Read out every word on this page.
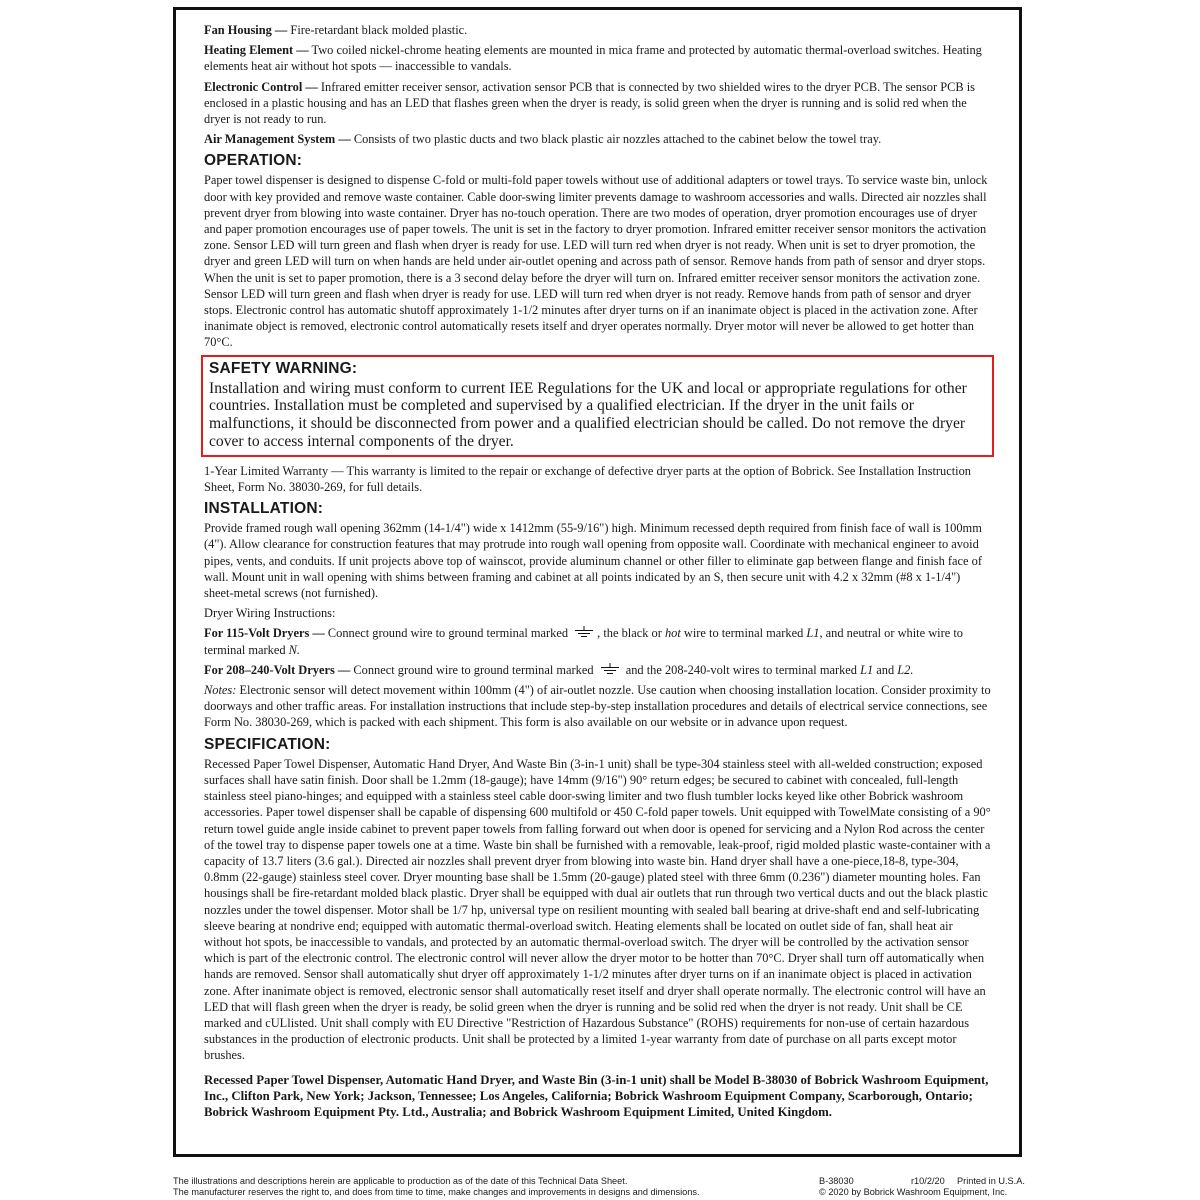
Fan Housing — Fire-retardant black molded plastic.

Heating Element — Two coiled nickel-chrome heating elements are mounted in mica frame and protected by automatic thermal-overload switches. Heating elements heat air without hot spots — inaccessible to vandals.

Electronic Control — Infrared emitter receiver sensor, activation sensor PCB that is connected by two shielded wires to the dryer PCB. The sensor PCB is enclosed in a plastic housing and has an LED that flashes green when the dryer is ready, is solid green when the dryer is running and is solid red when the dryer is not ready to run.

Air Management System — Consists of two plastic ducts and two black plastic air nozzles attached to the cabinet below the towel tray.

OPERATION:

Paper towel dispenser is designed to dispense C-fold or multi-fold paper towels without use of additional adapters or towel trays. To service waste bin, unlock door with key provided and remove waste container. Cable door-swing limiter prevents damage to washroom accessories and walls. Directed air nozzles shall prevent dryer from blowing into waste container. Dryer has no-touch operation. There are two modes of operation, dryer promotion encourages use of dryer and paper promotion encourages use of paper towels. The unit is set in the factory to dryer promotion. Infrared emitter receiver sensor monitors the activation zone. Sensor LED will turn green and flash when dryer is ready for use. LED will turn red when dryer is not ready. When unit is set to dryer promotion, the dryer and green LED will turn on when hands are held under air-outlet opening and across path of sensor. Remove hands from path of sensor and dryer stops. When the unit is set to paper promotion, there is a 3 second delay before the dryer will turn on. Infrared emitter receiver sensor monitors the activation zone. Sensor LED will turn green and flash when dryer is ready for use. LED will turn red when dryer is not ready. Remove hands from path of sensor and dryer stops. Electronic control has automatic shutoff approximately 1-1/2 minutes after dryer turns on if an inanimate object is placed in the activation zone. After inanimate object is removed, electronic control automatically resets itself and dryer operates normally. Dryer motor will never be allowed to get hotter than 70°C.

SAFETY WARNING:
Installation and wiring must conform to current IEE Regulations for the UK and local or appropriate regulations for other countries. Installation must be completed and supervised by a qualified electrician. If the dryer in the unit fails or malfunctions, it should be disconnected from power and a qualified electrician should be called. Do not remove the dryer cover to access internal components of the dryer.

1-Year Limited Warranty — This warranty is limited to the repair or exchange of defective dryer parts at the option of Bobrick. See Installation Instruction Sheet, Form No. 38030-269, for full details.

INSTALLATION:

Provide framed rough wall opening 362mm (14-1/4") wide x 1412mm (55-9/16") high. Minimum recessed depth required from finish face of wall is 100mm (4"). Allow clearance for construction features that may protrude into rough wall opening from opposite wall. Coordinate with mechanical engineer to avoid pipes, vents, and conduits. If unit projects above top of wainscot, provide aluminum channel or other filler to eliminate gap between flange and finish face of wall. Mount unit in wall opening with shims between framing and cabinet at all points indicated by an S, then secure unit with 4.2 x 32mm (#8 x 1-1/4") sheet-metal screws (not furnished).

Dryer Wiring Instructions:

For 115-Volt Dryers — Connect ground wire to ground terminal marked
, the black or hot wire to terminal marked L1, and neutral or white wire to terminal marked N.

For 208–240-Volt Dryers — Connect ground wire to ground terminal marked
and the 208-240-volt wires to terminal marked L1 and L2.

Notes: Electronic sensor will detect movement within 100mm (4") of air-outlet nozzle. Use caution when choosing installation location. Consider proximity to doorways and other traffic areas. For installation instructions that include step-by-step installation procedures and details of electrical service connections, see Form No. 38030-269, which is packed with each shipment. This form is also available on our website or in advance upon request.

SPECIFICATION:

Recessed Paper Towel Dispenser, Automatic Hand Dryer, And Waste Bin (3-in-1 unit) shall be type-304 stainless steel with all-welded construction; exposed surfaces shall have satin finish. Door shall be 1.2mm (18-gauge); have 14mm (9/16") 90° return edges; be secured to cabinet with concealed, full-length stainless steel piano-hinges; and equipped with a stainless steel cable door-swing limiter and two flush tumbler locks keyed like other Bobrick washroom accessories. Paper towel dispenser shall be capable of dispensing 600 multifold or 450 C-fold paper towels. Unit equipped with TowelMate consisting of a 90° return towel guide angle inside cabinet to prevent paper towels from falling forward out when door is opened for servicing and a Nylon Rod across the center of the towel tray to dispense paper towels one at a time. Waste bin shall be furnished with a removable, leak-proof, rigid molded plastic waste-container with a capacity of 13.7 liters (3.6 gal.). Directed air nozzles shall prevent dryer from blowing into waste bin. Hand dryer shall have a one-piece,18-8, type-304, 0.8mm (22-gauge) stainless steel cover. Dryer mounting base shall be 1.5mm (20-gauge) plated steel with three 6mm (0.236") diameter mounting holes. Fan housings shall be fire-retardant molded black plastic. Dryer shall be equipped with dual air outlets that run through two vertical ducts and out the black plastic nozzles under the towel dispenser. Motor shall be 1/7 hp, universal type on resilient mounting with sealed ball bearing at drive-shaft end and self-lubricating sleeve bearing at nondrive end; equipped with automatic thermal-overload switch. Heating elements shall be located on outlet side of fan, shall heat air without hot spots, be inaccessible to vandals, and protected by an automatic thermal-overload switch. The dryer will be controlled by the activation sensor which is part of the electronic control. The electronic control will never allow the dryer motor to be hotter than 70°C. Dryer shall turn off automatically when hands are removed. Sensor shall automatically shut dryer off approximately 1-1/2 minutes after dryer turns on if an inanimate object is placed in activation zone. After inanimate object is removed, electronic sensor shall automatically reset itself and dryer shall operate normally. The electronic control will have an LED that will flash green when the dryer is ready, be solid green when the dryer is running and be solid red when the dryer is not ready. Unit shall be CE marked and cULlisted. Unit shall comply with EU Directive "Restriction of Hazardous Substance" (ROHS) requirements for non-use of certain hazardous substances in the production of electronic products. Unit shall be protected by a limited 1-year warranty from date of purchase on all parts except motor brushes.

Recessed Paper Towel Dispenser, Automatic Hand Dryer, and Waste Bin (3-in-1 unit) shall be Model B-38030 of Bobrick Washroom Equipment, Inc., Clifton Park, New York; Jackson, Tennessee; Los Angeles, California; Bobrick Washroom Equipment Company, Scarborough, Ontario; Bobrick Washroom Equipment Pty. Ltd., Australia; and Bobrick Washroom Equipment Limited, United Kingdom.

The illustrations and descriptions herein are applicable to production as of the date of this Technical Data Sheet.
The manufacturer reserves the right to, and does from time to time, make changes and improvements in designs and dimensions.
B-38030	r10/2/20 Printed in U.S.A.
© 2020 by Bobrick Washroom Equipment, Inc.
